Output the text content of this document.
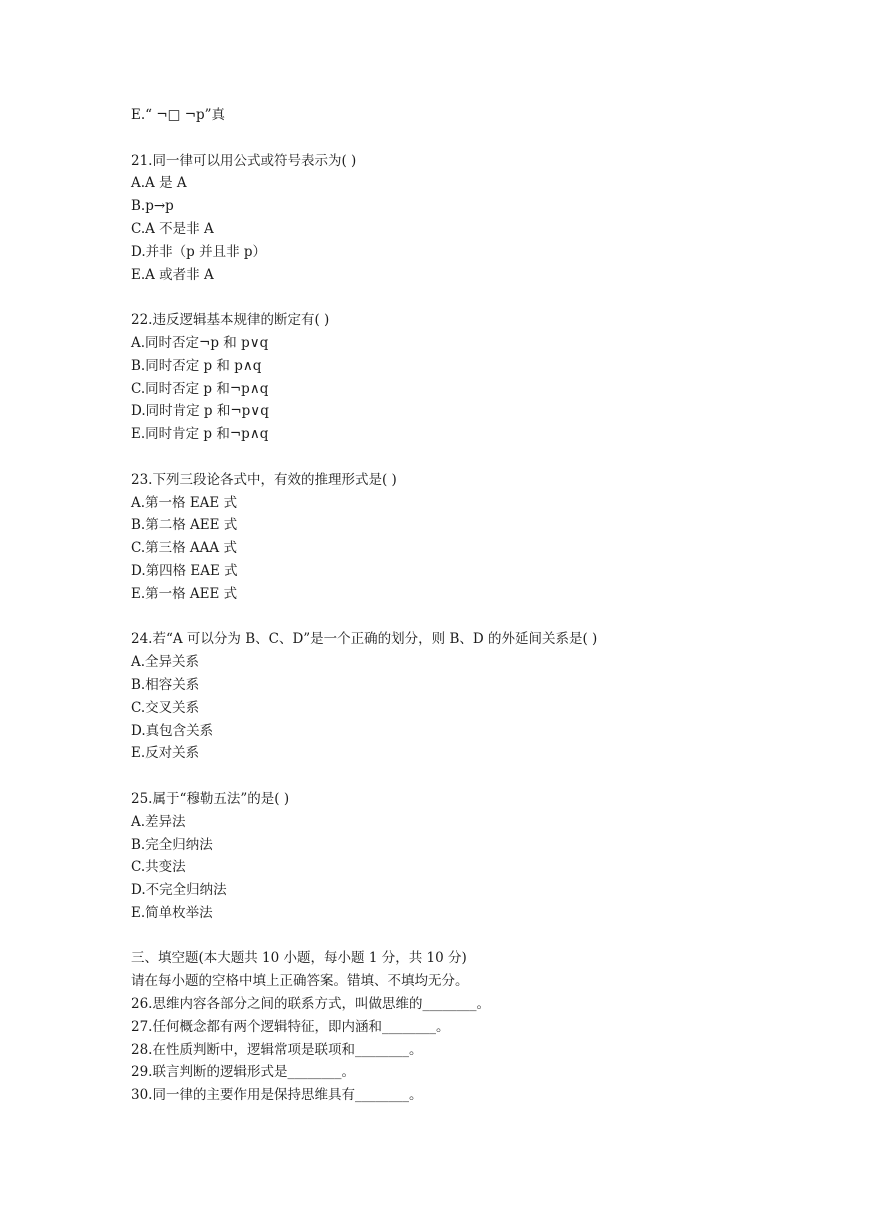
E.“ ¬□ ¬p”真
21.同一律可以用公式或符号表示为( )
A.A 是 A
B.p→p
C.A 不是非 A
D.并非（p 并且非 p）
E.A 或者非 A
22.违反逻辑基本规律的断定有( )
A.同时否定¬p 和 p∨q
B.同时否定 p 和 p∧q
C.同时否定 p 和¬p∧q
D.同时肯定 p 和¬p∨q
E.同时肯定 p 和¬p∧q
23.下列三段论各式中，有效的推理形式是( )
A.第一格 EAE 式
B.第二格 AEE 式
C.第三格 AAA 式
D.第四格 EAE 式
E.第一格 AEE 式
24.若“A 可以分为 B、C、D”是一个正确的划分，则 B、D 的外延间关系是( )
A.全异关系
B.相容关系
C.交叉关系
D.真包含关系
E.反对关系
25.属于“穆勒五法”的是( )
A.差异法
B.完全归纳法
C.共变法
D.不完全归纳法
E.简单枚举法
三、填空题(本大题共 10 小题，每小题 1 分，共 10 分)
请在每小题的空格中填上正确答案。错填、不填均无分。
26.思维内容各部分之间的联系方式，叫做思维的________。
27.任何概念都有两个逻辑特征，即内涵和________。
28.在性质判断中，逻辑常项是联项和________。
29.联言判断的逻辑形式是________。
30.同一律的主要作用是保持思维具有________。
